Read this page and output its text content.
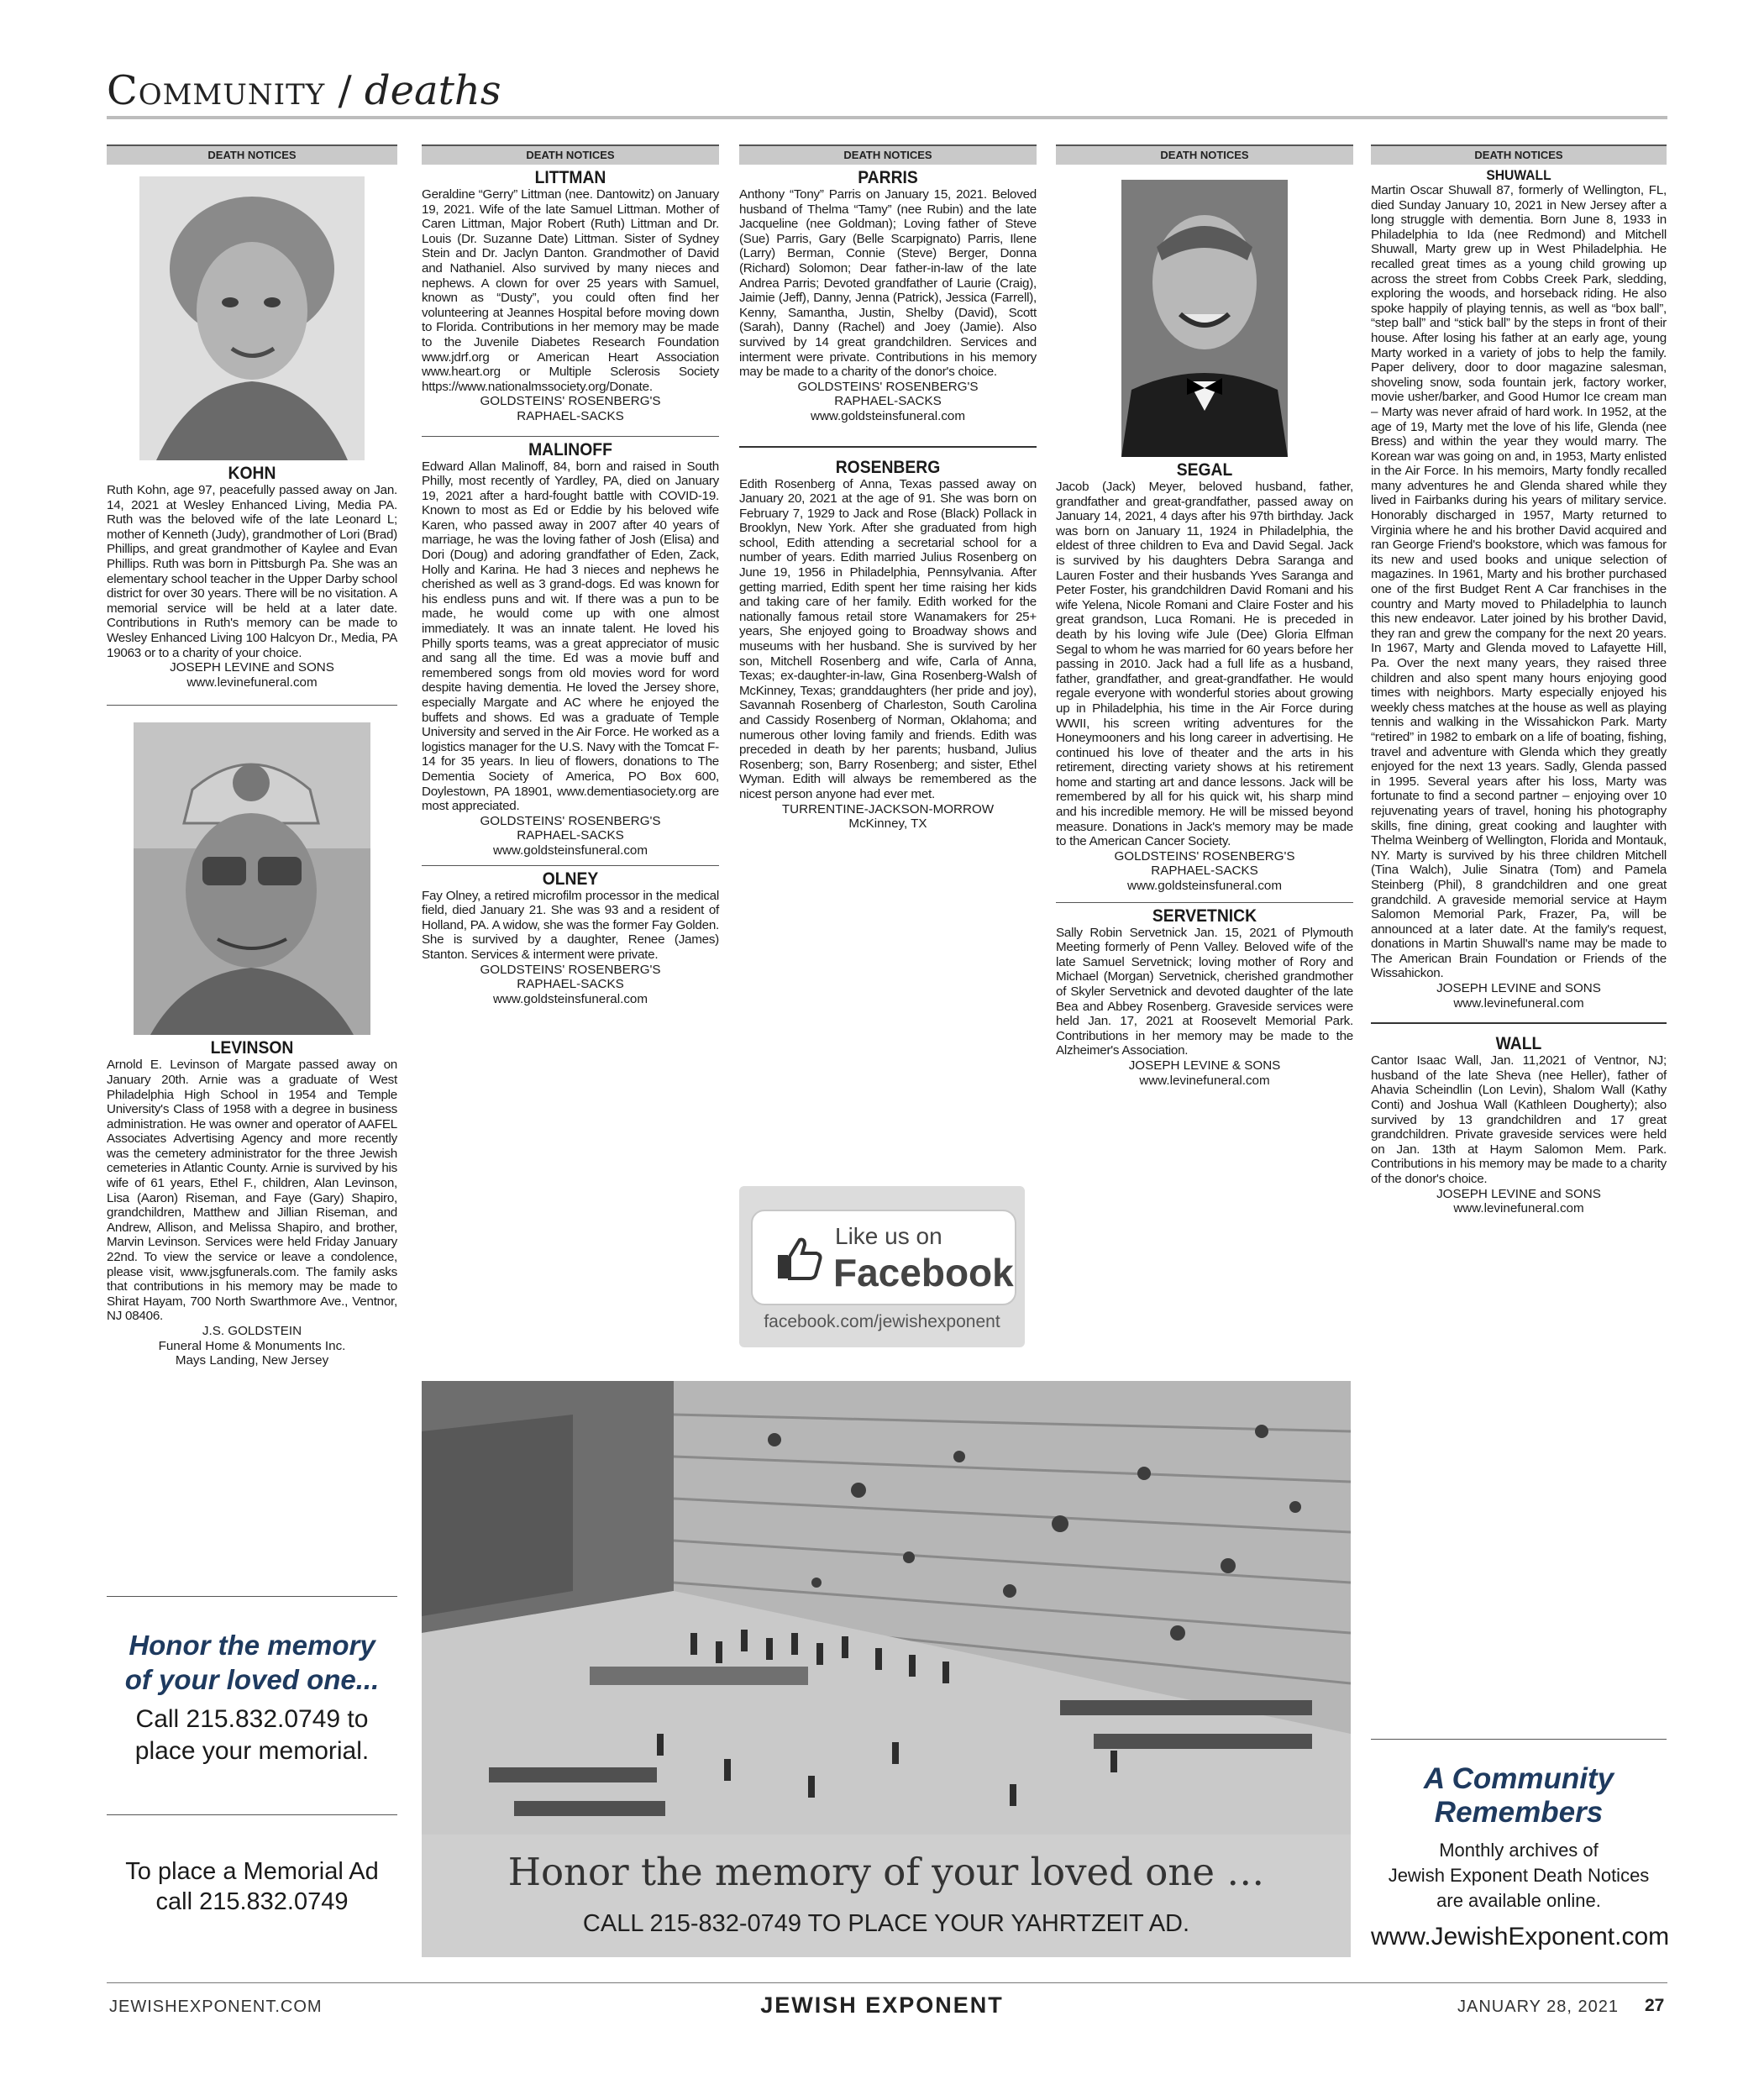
Community / deaths
DEATH NOTICES
KOHN

Ruth Kohn, age 97, peacefully passed away on Jan. 14, 2021 at Wesley Enhanced Living, Media PA. Ruth was the beloved wife of the late Leonard L; mother of Kenneth (Judy), grandmother of Lori (Brad) Phillips, and great grandmother of Kaylee and Evan Phillips. Ruth was born in Pittsburgh Pa. She was an elementary school teacher in the Upper Darby school district for over 30 years. There will be no visitation. A memorial service will be held at a later date. Contributions in Ruth's memory can be made to Wesley Enhanced Living 100 Halcyon Dr., Media, PA 19063 or to a charity of your choice.

JOSEPH LEVINE and SONS

www.levinefuneral.com

LEVINSON

Arnold E. Levinson of Margate passed away on January 20th. Arnie was a graduate of West Philadelphia High School in 1954 and Temple University's Class of 1958 with a degree in business administration. He was owner and operator of AAFEL Associates Advertising Agency and more recently was the cemetery administrator for the three Jewish cemeteries in Atlantic County. Arnie is survived by his wife of 61 years, Ethel F., children, Alan Levinson, Lisa (Aaron) Riseman, and Faye (Gary) Shapiro, grandchildren, Matthew and Jillian Riseman, and Andrew, Allison, and Melissa Shapiro, and brother, Marvin Levinson. Services were held Friday January 22nd. To view the service or leave a condolence, please visit, www.jsgfunerals.com. The family asks that contributions in his memory may be made to Shirat Hayam, 700 North Swarthmore Ave., Ventnor, NJ 08406.

J.S. GOLDSTEIN

Funeral Home & Monuments Inc.

Mays Landing, New Jersey

Honor the memory
of your loved one...
Call 215.832.0749 to
place your memorial.
To place a Memorial Ad
call 215.832.0749
DEATH NOTICES
LITTMAN

Geraldine “Gerry” Littman (nee. Dantowitz) on January 19, 2021. Wife of the late Samuel Littman. Mother of Caren Littman, Major Robert (Ruth) Littman and Dr. Louis (Dr. Suzanne Date) Littman. Sister of Sydney Stein and Dr. Jaclyn Danton. Grandmother of David and Nathaniel. Also survived by many nieces and nephews. A clown for over 25 years with Samuel, known as “Dusty”, you could often find her volunteering at Jeannes Hospital before moving down to Florida. Contributions in her memory may be made to the Juvenile Diabetes Research Foundation www.jdrf.org or American Heart Association www.heart.org or Multiple Sclerosis Society https://www.nationalmssociety.org/Donate.

GOLDSTEINS' ROSENBERG'S

RAPHAEL-SACKS

MALINOFF

Edward Allan Malinoff, 84, born and raised in South Philly, most recently of Yardley, PA, died on January 19, 2021 after a hard-fought battle with COVID-19. Known to most as Ed or Eddie by his beloved wife Karen, who passed away in 2007 after 40 years of marriage, he was the loving father of Josh (Elisa) and Dori (Doug) and adoring grandfather of Eden, Zack, Holly and Karina. He had 3 nieces and nephews he cherished as well as 3 grand-dogs. Ed was known for his endless puns and wit. If there was a pun to be made, he would come up with one almost immediately. It was an innate talent. He loved his Philly sports teams, was a great appreciator of music and sang all the time. Ed was a movie buff and remembered songs from old movies word for word despite having dementia. He loved the Jersey shore, especially Margate and AC where he enjoyed the buffets and shows. Ed was a graduate of Temple University and served in the Air Force. He worked as a logistics manager for the U.S. Navy with the Tomcat F-14 for 35 years. In lieu of flowers, donations to The Dementia Society of America, PO Box 600, Doylestown, PA 18901, www.dementiasociety.org are most appreciated.

GOLDSTEINS' ROSENBERG'S

RAPHAEL-SACKS

www.goldsteinsfuneral.com

OLNEY

Fay Olney, a retired microfilm processor in the medical field, died January 21. She was 93 and a resident of Holland, PA. A widow, she was the former Fay Golden. She is survived by a daughter, Renee (James) Stanton. Services & interment were private.

GOLDSTEINS' ROSENBERG'S

RAPHAEL-SACKS

www.goldsteinsfuneral.com

DEATH NOTICES
PARRIS

Anthony “Tony” Parris on January 15, 2021. Beloved husband of Thelma “Tamy” (nee Rubin) and the late Jacqueline (nee Goldman); Loving father of Steve (Sue) Parris, Gary (Belle Scarpignato) Parris, Ilene (Larry) Berman, Connie (Steve) Berger, Donna (Richard) Solomon; Dear father-in-law of the late Andrea Parris; Devoted grandfather of Laurie (Craig), Jaimie (Jeff), Danny, Jenna (Patrick), Jessica (Farrell), Kenny, Samantha, Justin, Shelby (David), Scott (Sarah), Danny (Rachel) and Joey (Jamie). Also survived by 14 great grandchildren. Services and interment were private. Contributions in his memory may be made to a charity of the donor's choice.

GOLDSTEINS' ROSENBERG'S

RAPHAEL-SACKS

www.goldsteinsfuneral.com

ROSENBERG

Edith Rosenberg of Anna, Texas passed away on January 20, 2021 at the age of 91. She was born on February 7, 1929 to Jack and Rose (Black) Pollack in Brooklyn, New York. After she graduated from high school, Edith attending a secretarial school for a number of years. Edith married Julius Rosenberg on June 19, 1956 in Philadelphia, Pennsylvania. After getting married, Edith spent her time raising her kids and taking care of her family. Edith worked for the nationally famous retail store Wanamakers for 25+ years, She enjoyed going to Broadway shows and museums with her husband. She is survived by her son, Mitchell Rosenberg and wife, Carla of Anna, Texas; ex-daughter-in-law, Gina Rosenberg-Walsh of McKinney, Texas; granddaughters (her pride and joy), Savannah Rosenberg of Charleston, South Carolina and Cassidy Rosenberg of Norman, Oklahoma; and numerous other loving family and friends. Edith was preceded in death by her parents; husband, Julius Rosenberg; son, Barry Rosenberg; and sister, Ethel Wyman. Edith will always be remembered as the nicest person anyone had ever met.

TURRENTINE-JACKSON-MORROW

McKinney, TX

Like us on
Facebook
facebook.com/jewishexponent
DEATH NOTICES
SEGAL

Jacob (Jack) Meyer, beloved husband, father, grandfather and great-grandfather, passed away on January 14, 2021, 4 days after his 97th birthday. Jack was born on January 11, 1924 in Philadelphia, the eldest of three children to Eva and David Segal. Jack is survived by his daughters Debra Saranga and Lauren Foster and their husbands Yves Saranga and Peter Foster, his grandchildren David Romani and his wife Yelena, Nicole Romani and Claire Foster and his great grandson, Luca Romani. He is preceded in death by his loving wife Jule (Dee) Gloria Elfman Segal to whom he was married for 60 years before her passing in 2010. Jack had a full life as a husband, father, grandfather, and great-grandfather. He would regale everyone with wonderful stories about growing up in Philadelphia, his time in the Air Force during WWII, his screen writing adventures for the Honeymooners and his long career in advertising. He continued his love of theater and the arts in his retirement, directing variety shows at his retirement home and starting art and dance lessons. Jack will be remembered by all for his quick wit, his sharp mind and his incredible memory. He will be missed beyond measure. Donations in Jack's memory may be made to the American Cancer Society.

GOLDSTEINS' ROSENBERG'S

RAPHAEL-SACKS

www.goldsteinsfuneral.com

SERVETNICK

Sally Robin Servetnick Jan. 15, 2021 of Plymouth Meeting formerly of Penn Valley. Beloved wife of the late Samuel Servetnick; loving mother of Rory and Michael (Morgan) Servetnick, cherished grandmother of Skyler Servetnick and devoted daughter of the late Bea and Abbey Rosenberg. Graveside services were held Jan. 17, 2021 at Roosevelt Memorial Park. Contributions in her memory may be made to the Alzheimer's Association.

JOSEPH LEVINE & SONS

www.levinefuneral.com

DEATH NOTICES
SHUWALL

Martin Oscar Shuwall 87, formerly of Wellington, FL, died Sunday January 10, 2021 in New Jersey after a long struggle with dementia. Born June 8, 1933 in Philadelphia to Ida (nee Redmond) and Mitchell Shuwall, Marty grew up in West Philadelphia. He recalled great times as a young child growing up across the street from Cobbs Creek Park, sledding, exploring the woods, and horseback riding. He also spoke happily of playing tennis, as well as “box ball”, “step ball” and “stick ball” by the steps in front of their house. After losing his father at an early age, young Marty worked in a variety of jobs to help the family. Paper delivery, door to door magazine salesman, shoveling snow, soda fountain jerk, factory worker, movie usher/barker, and Good Humor Ice cream man – Marty was never afraid of hard work. In 1952, at the age of 19, Marty met the love of his life, Glenda (nee Bress) and within the year they would marry. The Korean war was going on and, in 1953, Marty enlisted in the Air Force. In his memoirs, Marty fondly recalled many adventures he and Glenda shared while they lived in Fairbanks during his years of military service. Honorably discharged in 1957, Marty returned to Virginia where he and his brother David acquired and ran George Friend's bookstore, which was famous for its new and used books and unique selection of magazines. In 1961, Marty and his brother purchased one of the first Budget Rent A Car franchises in the country and Marty moved to Philadelphia to launch this new endeavor. Later joined by his brother David, they ran and grew the company for the next 20 years. In 1967, Marty and Glenda moved to Lafayette Hill, Pa. Over the next many years, they raised three children and also spent many hours enjoying good times with neighbors. Marty especially enjoyed his weekly chess matches at the house as well as playing tennis and walking in the Wissahickon Park. Marty “retired” in 1982 to embark on a life of boating, fishing, travel and adventure with Glenda which they greatly enjoyed for the next 13 years. Sadly, Glenda passed in 1995. Several years after his loss, Marty was fortunate to find a second partner – enjoying over 10 rejuvenating years of travel, honing his photography skills, fine dining, great cooking and laughter with Thelma Weinberg of Wellington, Florida and Montauk, NY. Marty is survived by his three children Mitchell (Tina Walch), Julie Sinatra (Tom) and Pamela Steinberg (Phil), 8 grandchildren and one great grandchild. A graveside memorial service at Haym Salomon Memorial Park, Frazer, Pa, will be announced at a later date. At the family's request, donations in Martin Shuwall's name may be made to The American Brain Foundation or Friends of the Wissahickon.

JOSEPH LEVINE and SONS

www.levinefuneral.com

WALL

Cantor Isaac Wall, Jan. 11,2021 of Ventnor, NJ; husband of the late Sheva (nee Heller), father of Ahavia Scheindlin (Lon Levin), Shalom Wall (Kathy Conti) and Joshua Wall (Kathleen Dougherty); also survived by 13 grandchildren and 17 great grandchildren. Private graveside services were held on Jan. 13th at Haym Salomon Mem. Park. Contributions in his memory may be made to a charity of the donor's choice.

JOSEPH LEVINE and SONS

www.levinefuneral.com

A Community
Remembers
Monthly archives of
Jewish Exponent Death Notices
are available online.
www.JewishExponent.com
Honor the memory of your loved one …
CALL 215-832-0749 TO PLACE YOUR YAHRTZEIT AD.
JEWISHEXPONENT.COM	JEWISH EXPONENT	JANUARY 28, 2021 27
